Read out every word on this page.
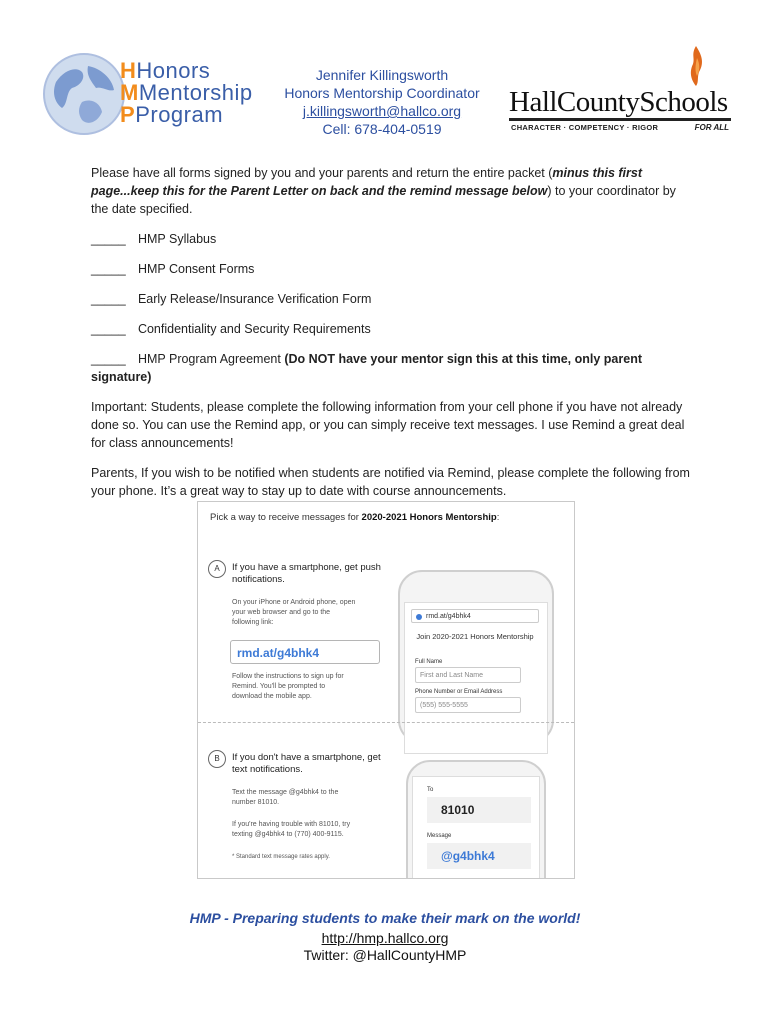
HHonors
MMentorship
PProgram
Jennifer Killingsworth
Honors Mentorship Coordinator
j.killingsworth@hallco.org
Cell: 678-404-0519
HallCountySchools
CHARACTER · COMPETENCY · RIGOR	FOR ALL
Please have all forms signed by you and your parents and return the entire packet (minus this first page...keep this for the Parent Letter on back and the remind message below) to your coordinator by the date specified.
_____ HMP Syllabus
_____ HMP Consent Forms
_____ Early Release/Insurance Verification Form
_____ Confidentiality and Security Requirements
_____ HMP Program Agreement (Do NOT have your mentor sign this at this time, only parent signature)
Important: Students, please complete the following information from your cell phone if you have not already done so. You can use the Remind app, or you can simply receive text messages. I use Remind a great deal for class announcements!
Parents, If you wish to be notified when students are notified via Remind, please complete the following from your phone. It’s a great way to stay up to date with course announcements.
Pick a way to receive messages for 2020-2021 Honors Mentorship:
A	If you have a smartphone, get push notifications.
On your iPhone or Android phone, open your web browser and go to the following link:
rmd.at/g4bhk4
Follow the instructions to sign up for Remind. You'll be prompted to download the mobile app.
rmd.at/g4bhk4
Join 2020-2021 Honors Mentorship
Full Name
First and Last Name
Phone Number or Email Address
(555) 555-5555
B	If you don't have a smartphone, get text notifications.
Text the message @g4bhk4 to the number 81010.
If you're having trouble with 81010, try texting @g4bhk4 to (770) 400-9115.
* Standard text message rates apply.
To
81010
Message
@g4bhk4
HMP - Preparing students to make their mark on the world!
http://hmp.hallco.org
Twitter: @HallCountyHMP
